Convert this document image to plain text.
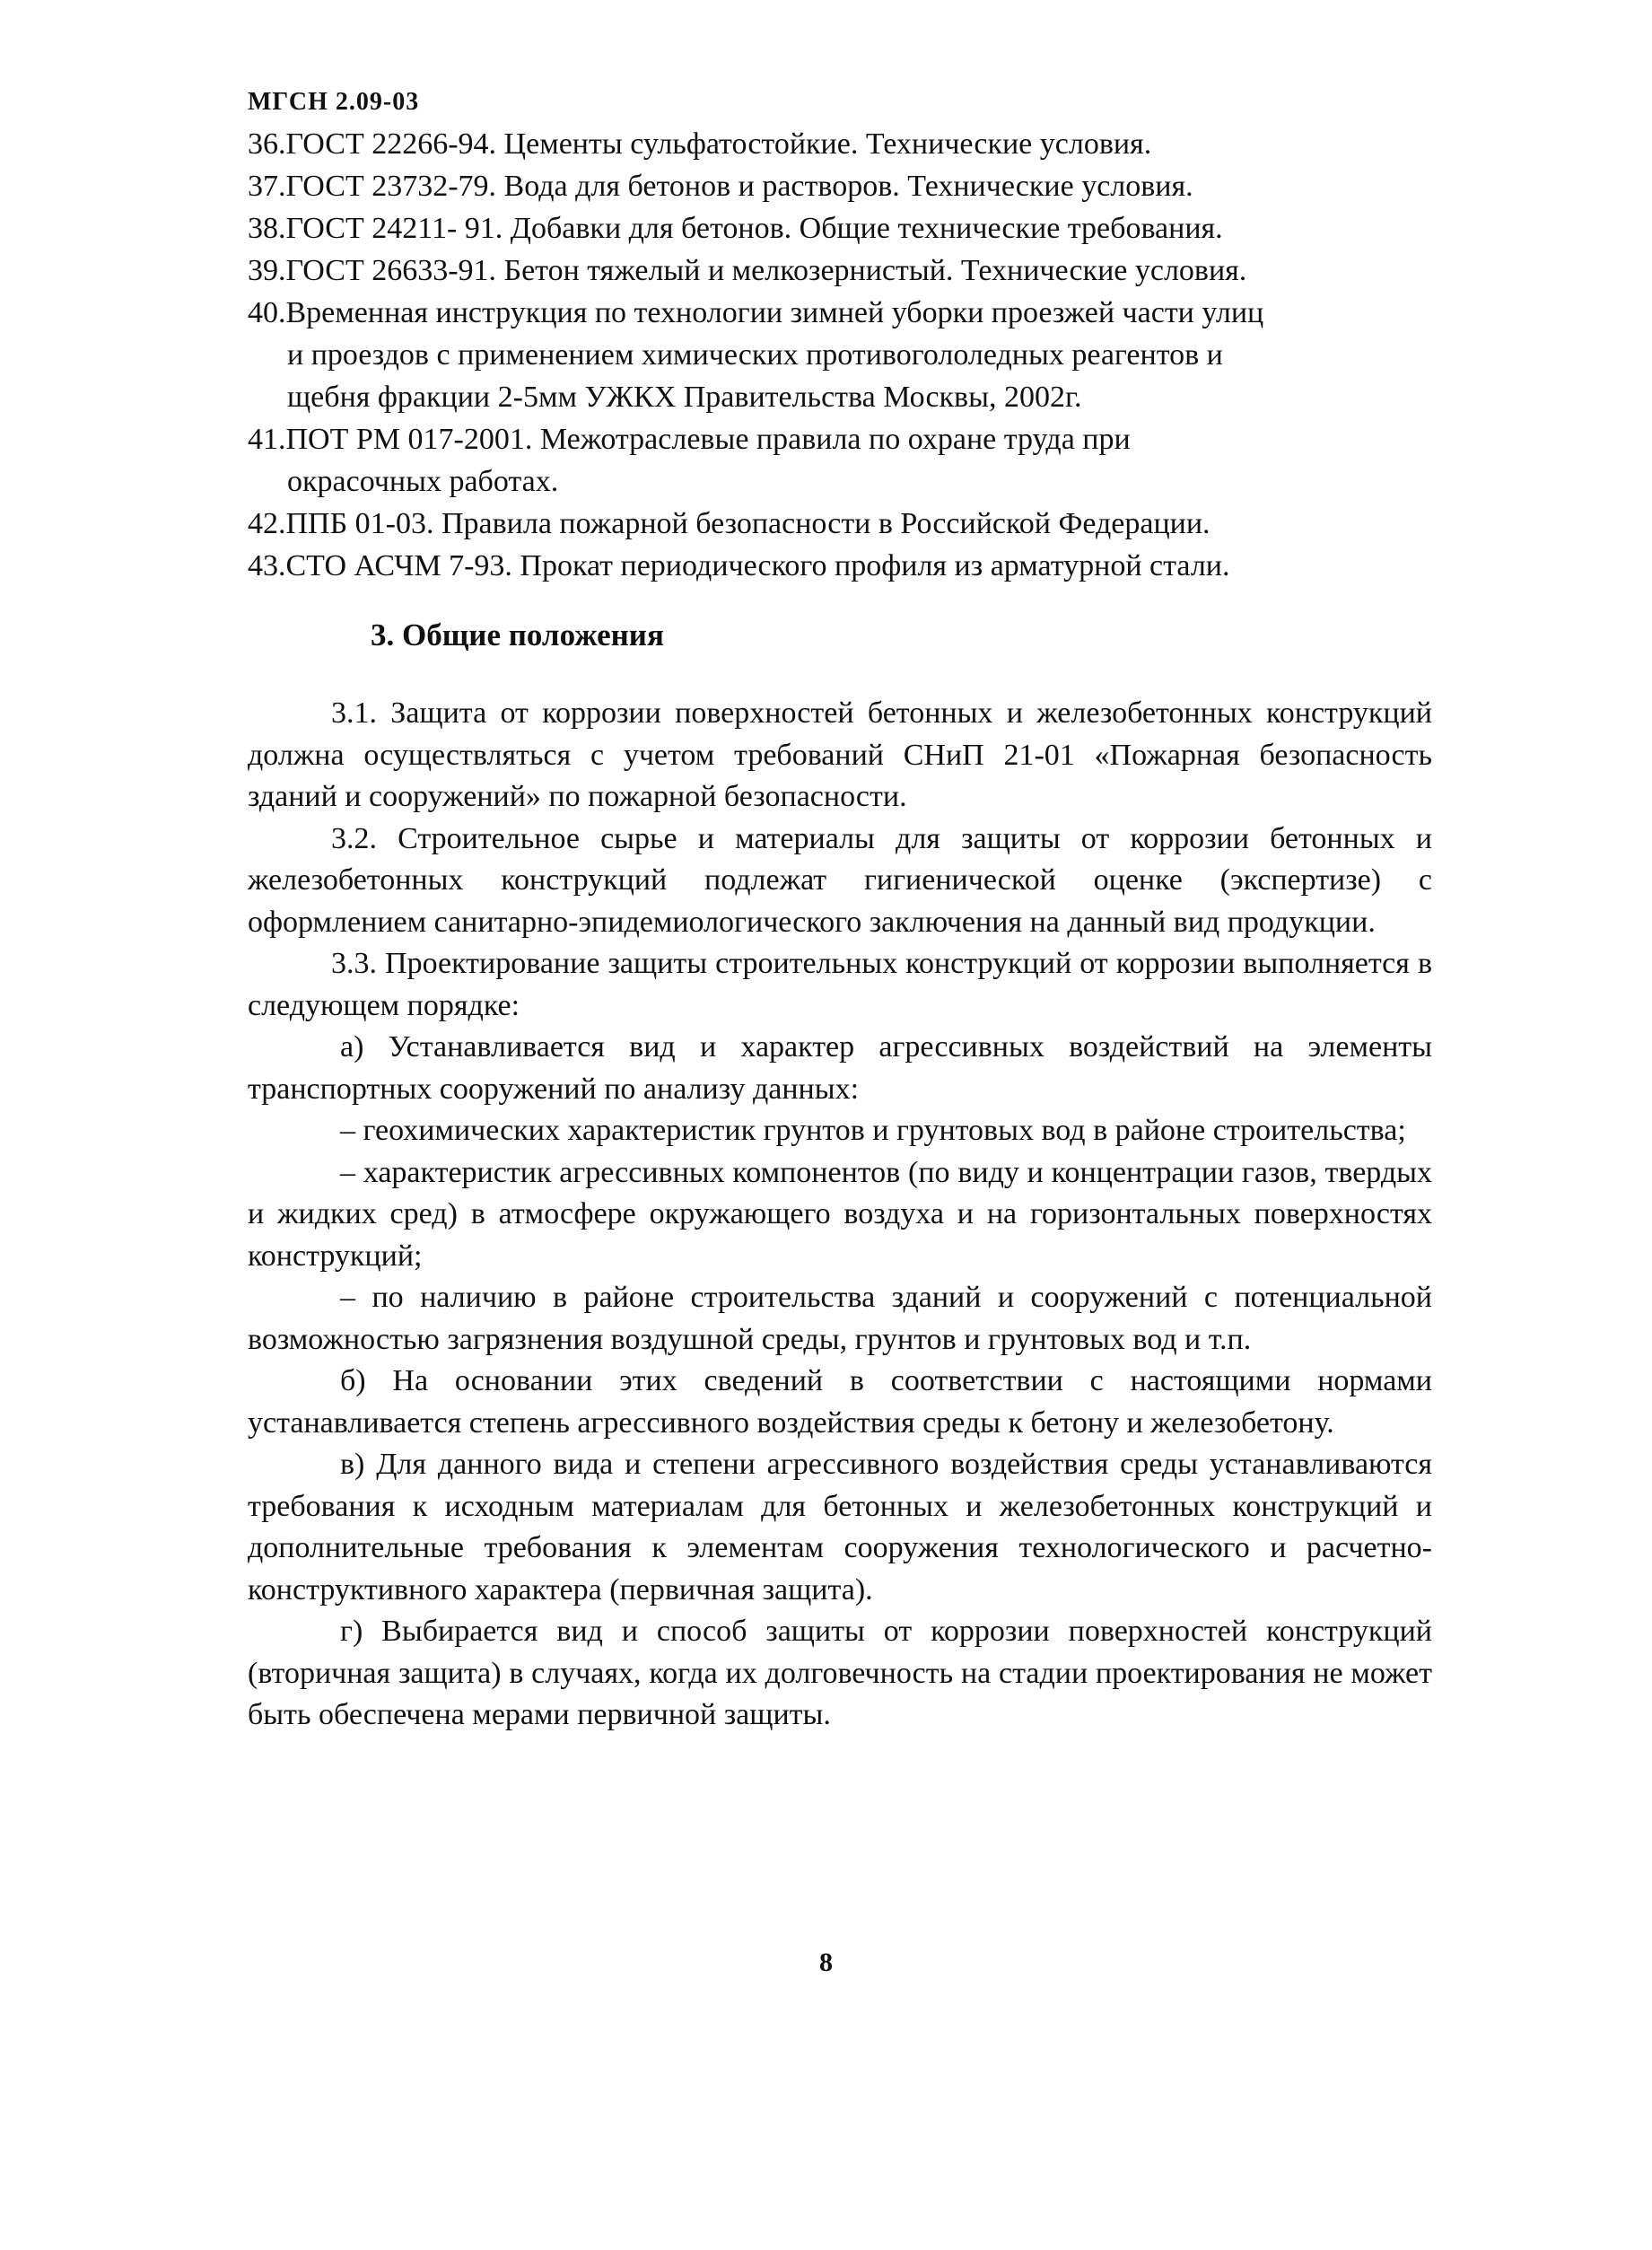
МГСН 2.09-03
36. ГОСТ 22266-94. Цементы сульфатостойкие. Технические условия.
37. ГОСТ 23732-79. Вода для бетонов и растворов. Технические условия.
38. ГОСТ 24211- 91. Добавки для бетонов. Общие технические требования.
39. ГОСТ 26633-91. Бетон тяжелый и мелкозернистый. Технические условия.
40. Временная инструкция по технологии зимней уборки проезжей части улиц
и проездов с применением химических противогололедных реагентов и
щебня фракции 2-5мм УЖКХ Правительства Москвы, 2002г.
41. ПОТ РМ 017-2001. Межотраслевые правила по охране труда при
окрасочных работах.
42. ППБ 01-03. Правила пожарной безопасности в Российской Федерации.
43. СТО АСЧМ 7-93. Прокат периодического профиля из арматурной стали.
3. Общие положения

3.1. Защита от коррозии поверхностей бетонных и железобетонных конструкций должна осуществляться с учетом требований СНиП 21-01 «Пожарная безопасность зданий и сооружений» по пожарной безопасности.

3.2. Строительное сырье и материалы для защиты от коррозии бетонных и железобетонных конструкций подлежат гигиенической оценке (экспертизе) с оформлением санитарно-эпидемиологического заключения на данный вид продукции.

3.3. Проектирование защиты строительных конструкций от коррозии выполняется в следующем порядке:

а) Устанавливается вид и характер агрессивных воздействий на элементы транспортных сооружений по анализу данных:

– геохимических характеристик грунтов и грунтовых вод в районе строительства;

– характеристик агрессивных компонентов (по виду и концентрации газов, твердых и жидких сред) в атмосфере окружающего воздуха и на горизонтальных поверхностях конструкций;

– по наличию в районе строительства зданий и сооружений с потенциальной возможностью загрязнения воздушной среды, грунтов и грунтовых вод и т.п.

б) На основании этих сведений в соответствии с настоящими нормами устанавливается степень агрессивного воздействия среды к бетону и железобетону.

в) Для данного вида и степени агрессивного воздействия среды устанавливаются требования к исходным материалам для бетонных и железобетонных конструкций и дополнительные требования к элементам сооружения технологического и расчетно-конструктивного характера (первичная защита).

г) Выбирается вид и способ защиты от коррозии поверхностей конструкций (вторичная защита) в случаях, когда их долговечность на стадии проектирования не может быть обеспечена мерами первичной защиты.

8
